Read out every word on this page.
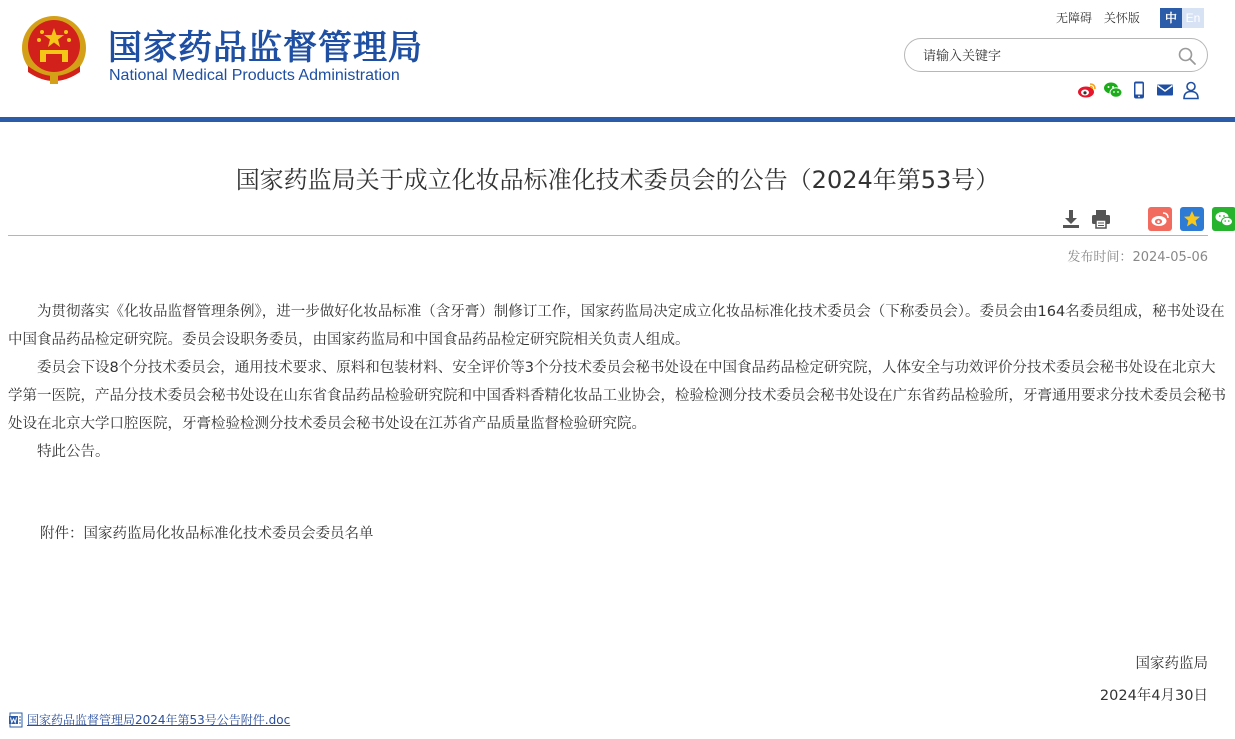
国家药品监督管理局
National Medical Products Administration
无障碍 关怀版	中 En
请输入关键字
国家药监局关于成立化妆品标准化技术委员会的公告（2024年第53号）
发布时间：2024-05-06

为贯彻落实《化妆品监督管理条例》，进一步做好化妆品标准（含牙膏）制修订工作，国家药监局决定成立化妆品标准化技术委员会（下称委员会）。委员会由164名委员组成，秘书处设在中国食品药品检定研究院。委员会设职务委员，由国家药监局和中国食品药品检定研究院相关负责人组成。

委员会下设8个分技术委员会，通用技术要求、原料和包装材料、安全评价等3个分技术委员会秘书处设在中国食品药品检定研究院，人体安全与功效评价分技术委员会秘书处设在北京大学第一医院，产品分技术委员会秘书处设在山东省食品药品检验研究院和中国香料香精化妆品工业协会，检验检测分技术委员会秘书处设在广东省药品检验所，牙膏通用要求分技术委员会秘书处设在北京大学口腔医院，牙膏检验检测分技术委员会秘书处设在江苏省产品质量监督检验研究院。

特此公告。

附件：国家药监局化妆品标准化技术委员会委员名单
国家药监局
2024年4月30日
国家药品监督管理局2024年第53号公告附件.doc
